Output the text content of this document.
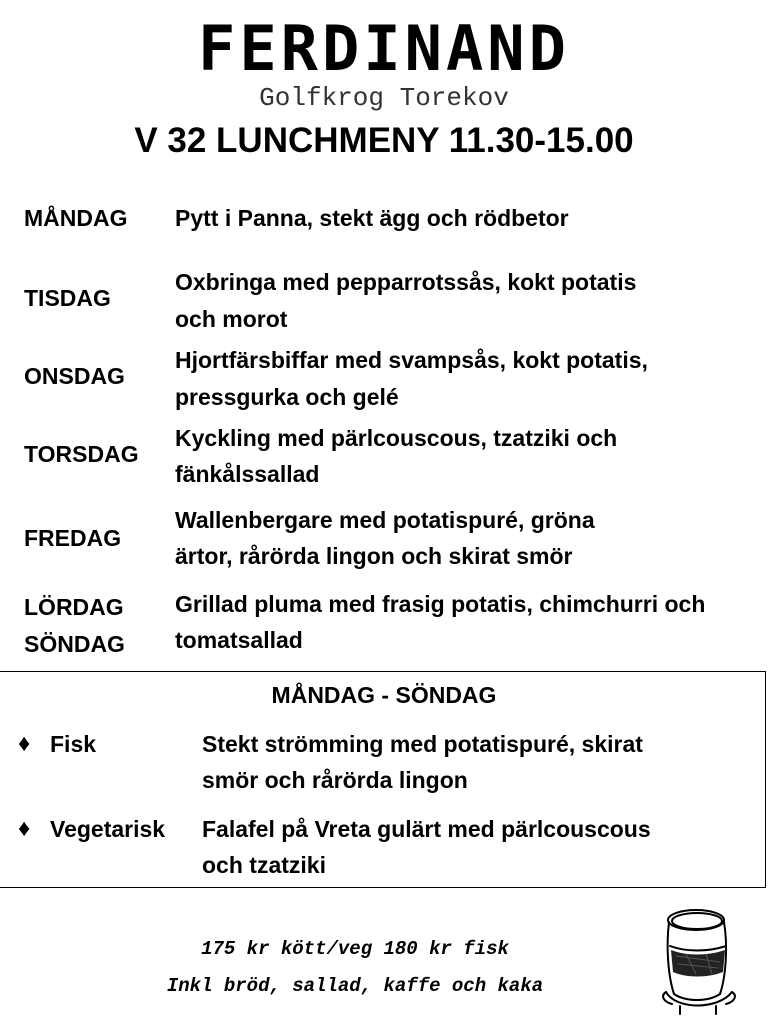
FERDINAND
Golfkrog Torekov
V 32 LUNCHMENY 11.30-15.00
MÅNDAG Pytt i Panna, stekt ägg och rödbetor
TISDAG
Oxbringa med pepparrotssås, kokt potatis
och morot
ONSDAG
Hjortfärsbiffar med svampsås, kokt potatis,
pressgurka och gelé
TORSDAG
Kyckling med pärlcouscous, tzatziki och
fänkålssallad
FREDAG
Wallenbergare med potatispuré, gröna
ärtor, rårörda lingon och skirat smör
LÖRDAG
SÖNDAG
Grillad pluma med frasig potatis, chimchurri och
tomatsallad
MÅNDAG - SÖNDAG
♦ Fisk	Stekt strömming med potatispuré, skirat
smör och rårörda lingon
♦ Vegetarisk Falafel på Vreta gulärt med pärlcouscous
och tzatziki
175 kr kött/veg 180 kr fisk
Inkl bröd, sallad, kaffe och kaka
